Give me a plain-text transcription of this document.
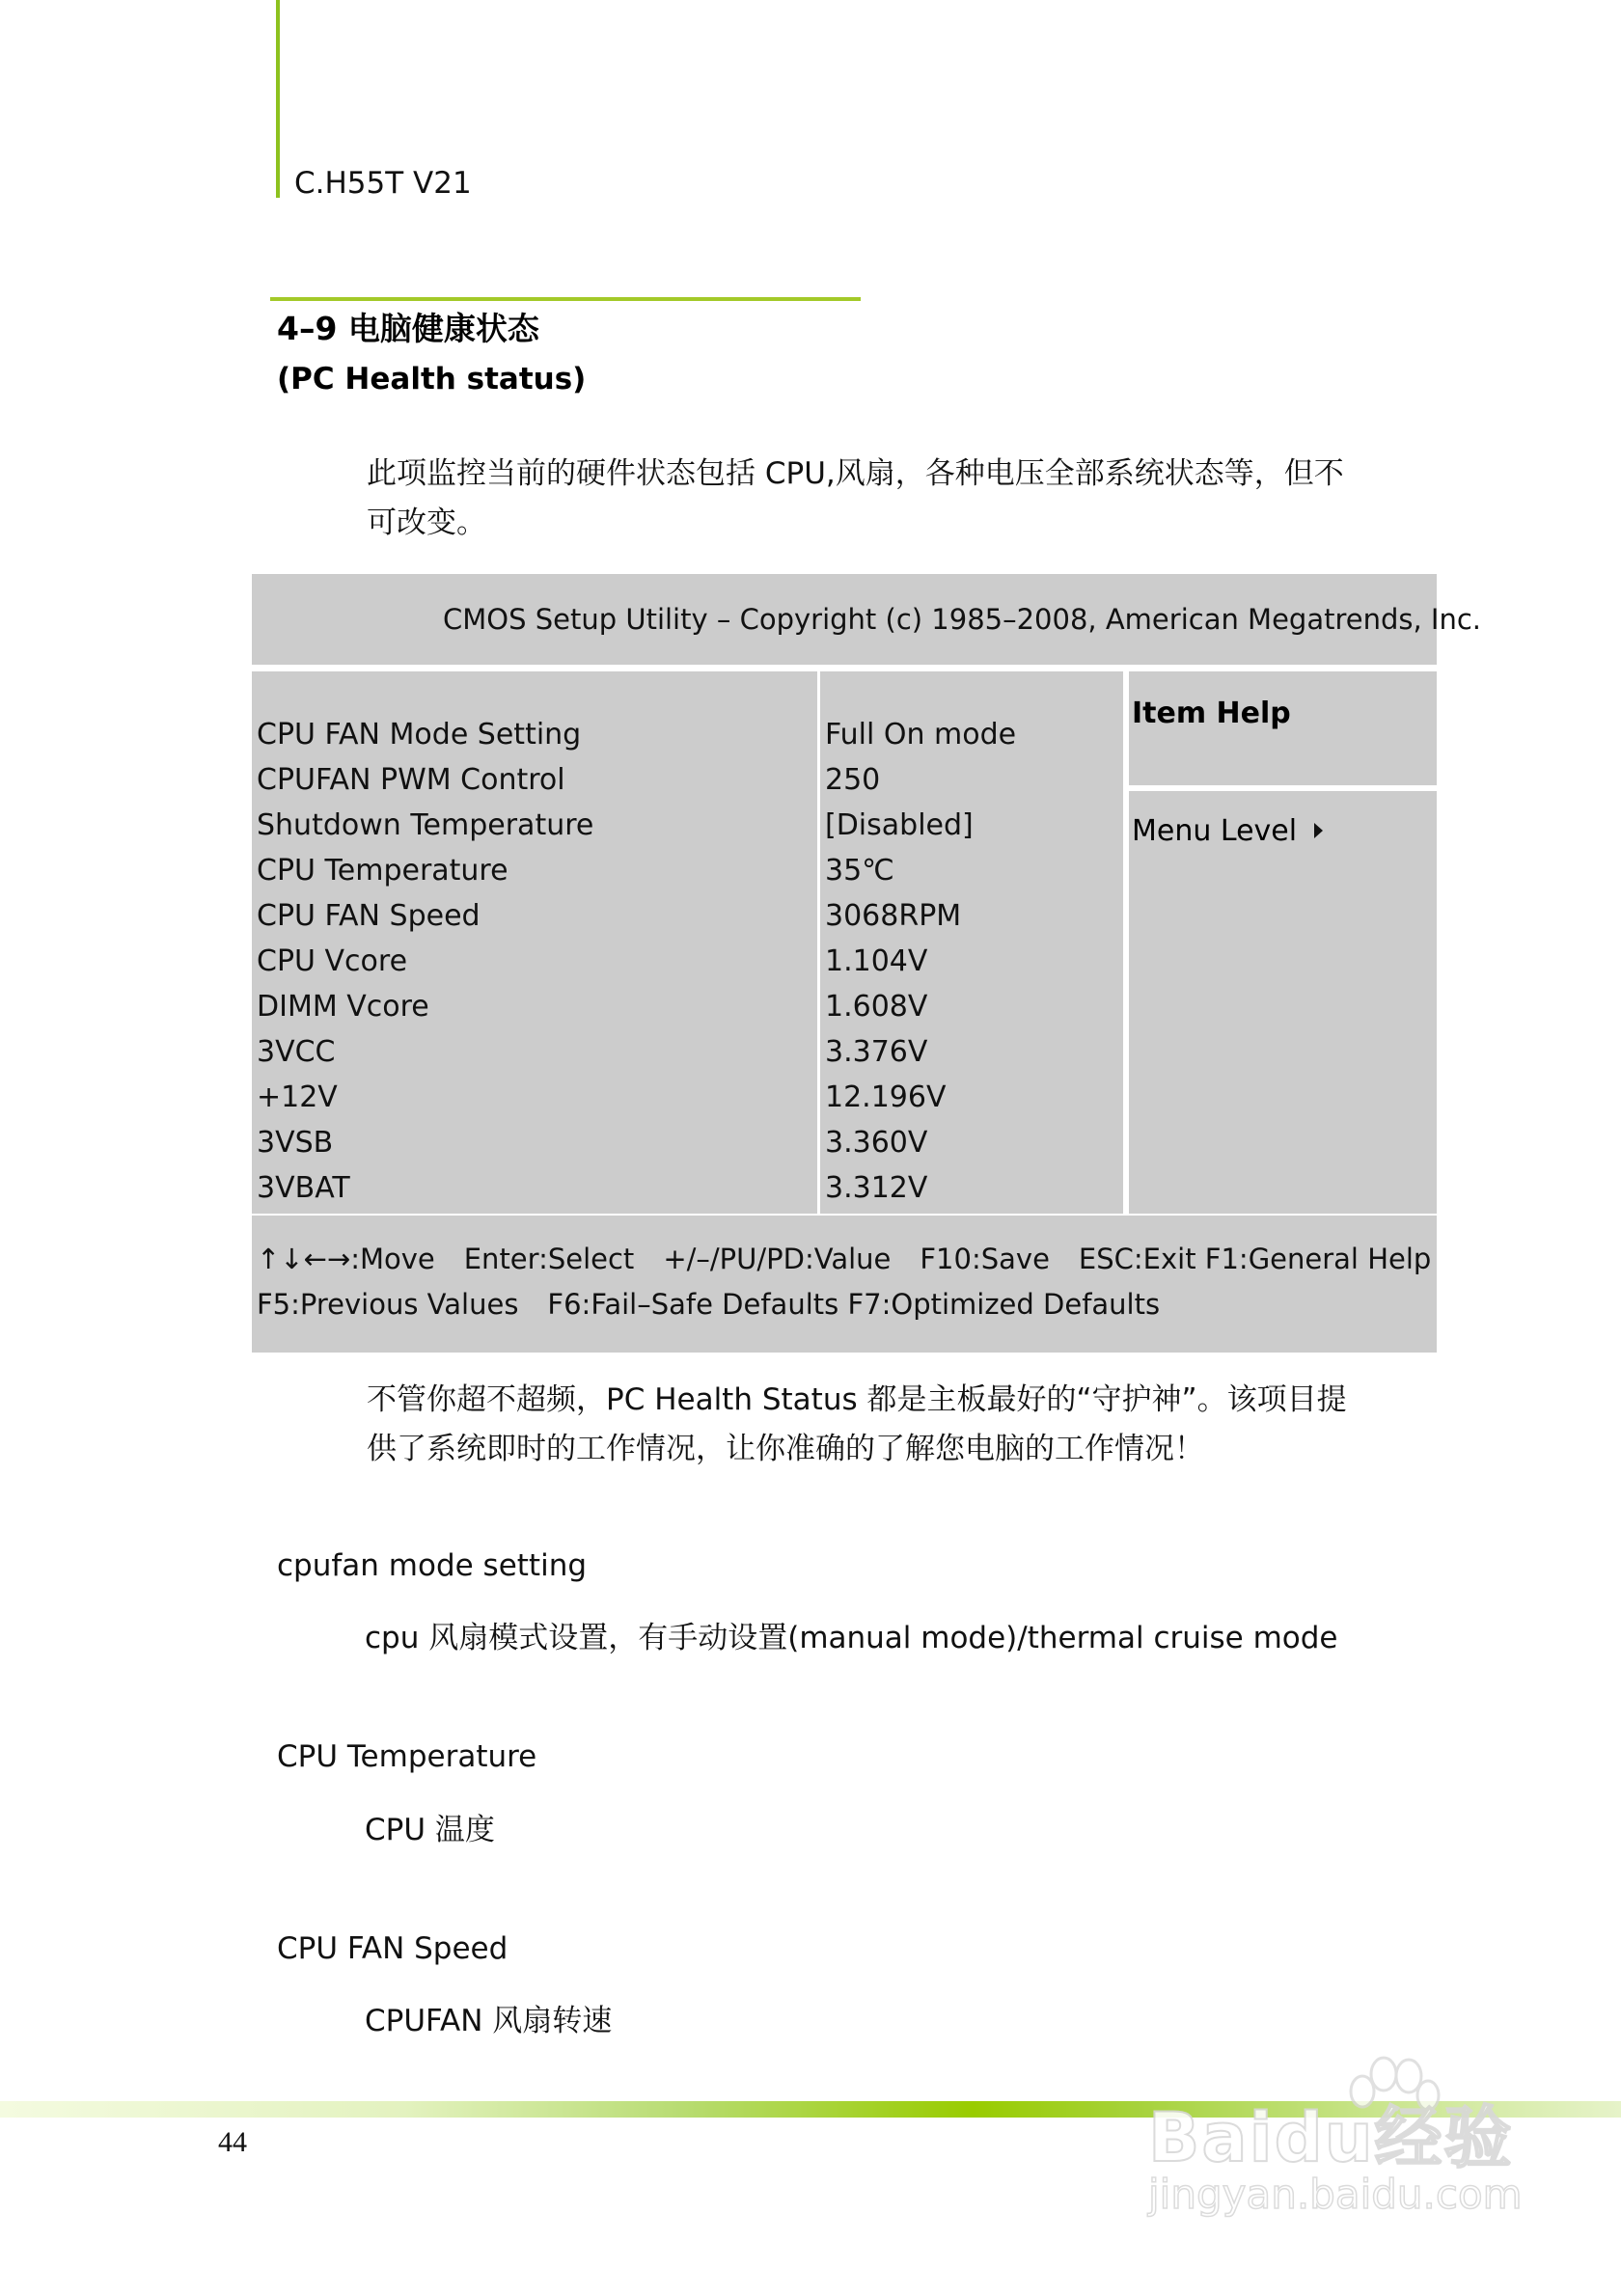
C.H55T V21
4–9 电脑健康状态
(PC Health status)
此项监控当前的硬件状态包括 CPU,风扇，各种电压全部系统状态等，但不
可改变。
CMOS Setup Utility – Copyright (c) 1985–2008, American Megatrends, Inc.
CPU FAN Mode Setting
CPUFAN PWM Control
Shutdown Temperature
CPU Temperature
CPU FAN Speed
CPU Vcore
DIMM Vcore
3VCC
+12V
3VSB
3VBAT
Full On mode
250
[Disabled]
35℃
3068RPM
1.104V
1.608V
3.376V
12.196V
3.360V
3.312V
Item Help
Menu Level
↑↓←→:Move Enter:Select +/–/PU/PD:Value F10:Save ESC:Exit F1:General Help
F5:Previous Values F6:Fail–Safe Defaults F7:Optimized Defaults
不管你超不超频，PC Health Status 都是主板最好的“守护神”。该项目提
供了系统即时的工作情况，让你准确的了解您电脑的工作情况！
cpufan mode setting
cpu 风扇模式设置，有手动设置(manual mode)/thermal cruise mode
CPU Temperature
CPU 温度
CPU FAN Speed
CPUFAN 风扇转速
44	Baidu经验
jingyan.baidu.com
